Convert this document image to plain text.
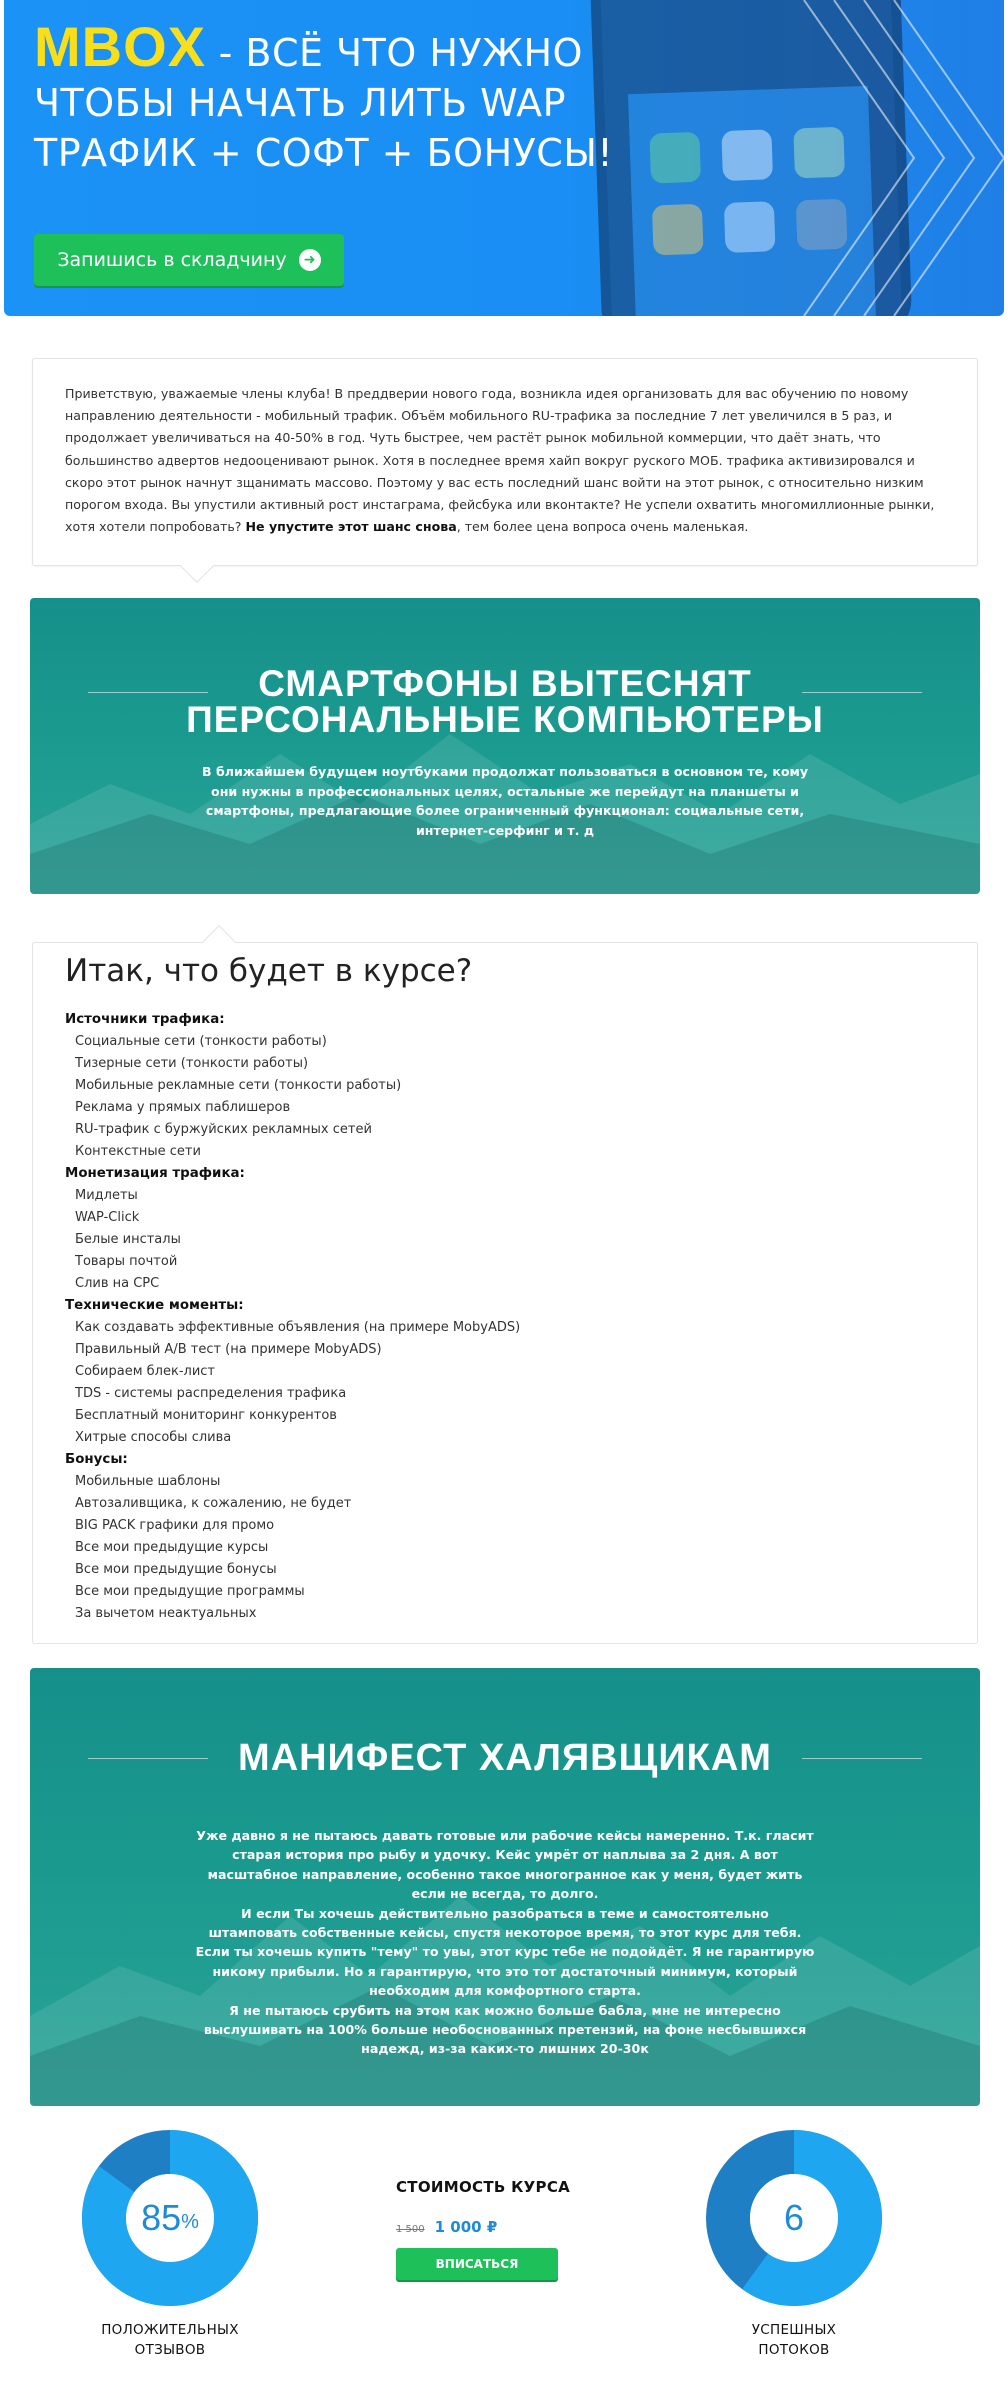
MBOX - ВСЁ ЧТО НУЖНО
ЧТОБЫ НАЧАТЬ ЛИТЬ WAP
ТРАФИК + СОФТ + БОНУСЫ!
Запишись в складчину	➜
Приветствую, уважаемые члены клуба! В преддверии нового года, возникла идея организовать для вас обучению по новому направлению деятельности - мобильный трафик. Объём мобильного RU-трафика за последние 7 лет увеличился в 5 раз, и продолжает увеличиваться на 40-50% в год. Чуть быстрее, чем растёт рынок мобильной коммерции, что даёт знать, что большинство адвертов недооценивают рынок. Хотя в последнее время хайп вокруг руского МОБ. трафика активизировался и скоро этот рынок начнут зщанимать массово. Поэтому у вас есть последний шанс войти на этот рынок, с относительно низким порогом входа. Вы упустили активный рост инстаграма, фейсбука или вконтакте? Не успели охватить многомиллионные рынки, хотя хотели попробовать? Не упустите этот шанс снова, тем более цена вопроса очень маленькая.
СМАРТФОНЫ ВЫТЕСНЯТ
ПЕРСОНАЛЬНЫЕ КОМПЬЮТЕРЫ

В ближайшем будущем ноутбуками продолжат пользоваться в основном те, кому они нужны в профессиональных целях, остальные же перейдут на планшеты и смартфоны, предлагающие более ограниченный функционал: социальные сети, интернет-серфинг и т. д

Итак, что будет в курсе?
Источники трафика:
Социальные сети (тонкости работы)
Тизерные сети (тонкости работы)
Мобильные рекламные сети (тонкости работы)
Реклама у прямых паблишеров
RU-трафик с буржуйских рекламных сетей
Контекстные сети
Монетизация трафика:
Мидлеты
WAP-Click
Белые инсталы
Товары почтой
Слив на CPC
Технические моменты:
Как создавать эффективные объявления (на примере MobyADS)
Правильный A/B тест (на примере MobyADS)
Собираем блек-лист
TDS - системы распределения трафика
Бесплатный мониторинг конкурентов
Хитрые способы слива
Бонусы:
Мобильные шаблоны
Автозаливщика, к сожалению, не будет
BIG PACK графики для промо
Все мои предыдущие курсы
Все мои предыдущие бонусы
Все мои предыдущие программы
За вычетом неактуальных
МАНИФЕСТ ХАЛЯВЩИКАМ

Уже давно я не пытаюсь давать готовые или рабочие кейсы намеренно. Т.к. гласит старая история про рыбу и удочку. Кейс умрёт от наплыва за 2 дня. А вот масштабное направление, особенно такое многогранное как у меня, будет жить если не всегда, то долго.

И если Ты хочешь действительно разобраться в теме и самостоятельно штамповать собственные кейсы, спустя некоторое время, то этот курс для тебя. Если ты хочешь купить "тему" то увы, этот курс тебе не подойдёт. Я не гарантирую никому прибыли. Но я гарантирую, что это тот достаточный минимум, который необходим для комфортного старта.

Я не пытаюсь срубить на этом как можно больше бабла, мне не интересно выслушивать на 100% больше необоснованных претензий, на фоне несбывшихся надежд, из-за каких-то лишних 20-30к

85 %
ПОЛОЖИТЕЛЬНЫХ
ОТЗЫВОВ
СТОИМОСТЬ КУРСА
1 500 1 000 ₽
ВПИСАТЬСЯ
6
УСПЕШНЫХ
ПОТОКОВ
